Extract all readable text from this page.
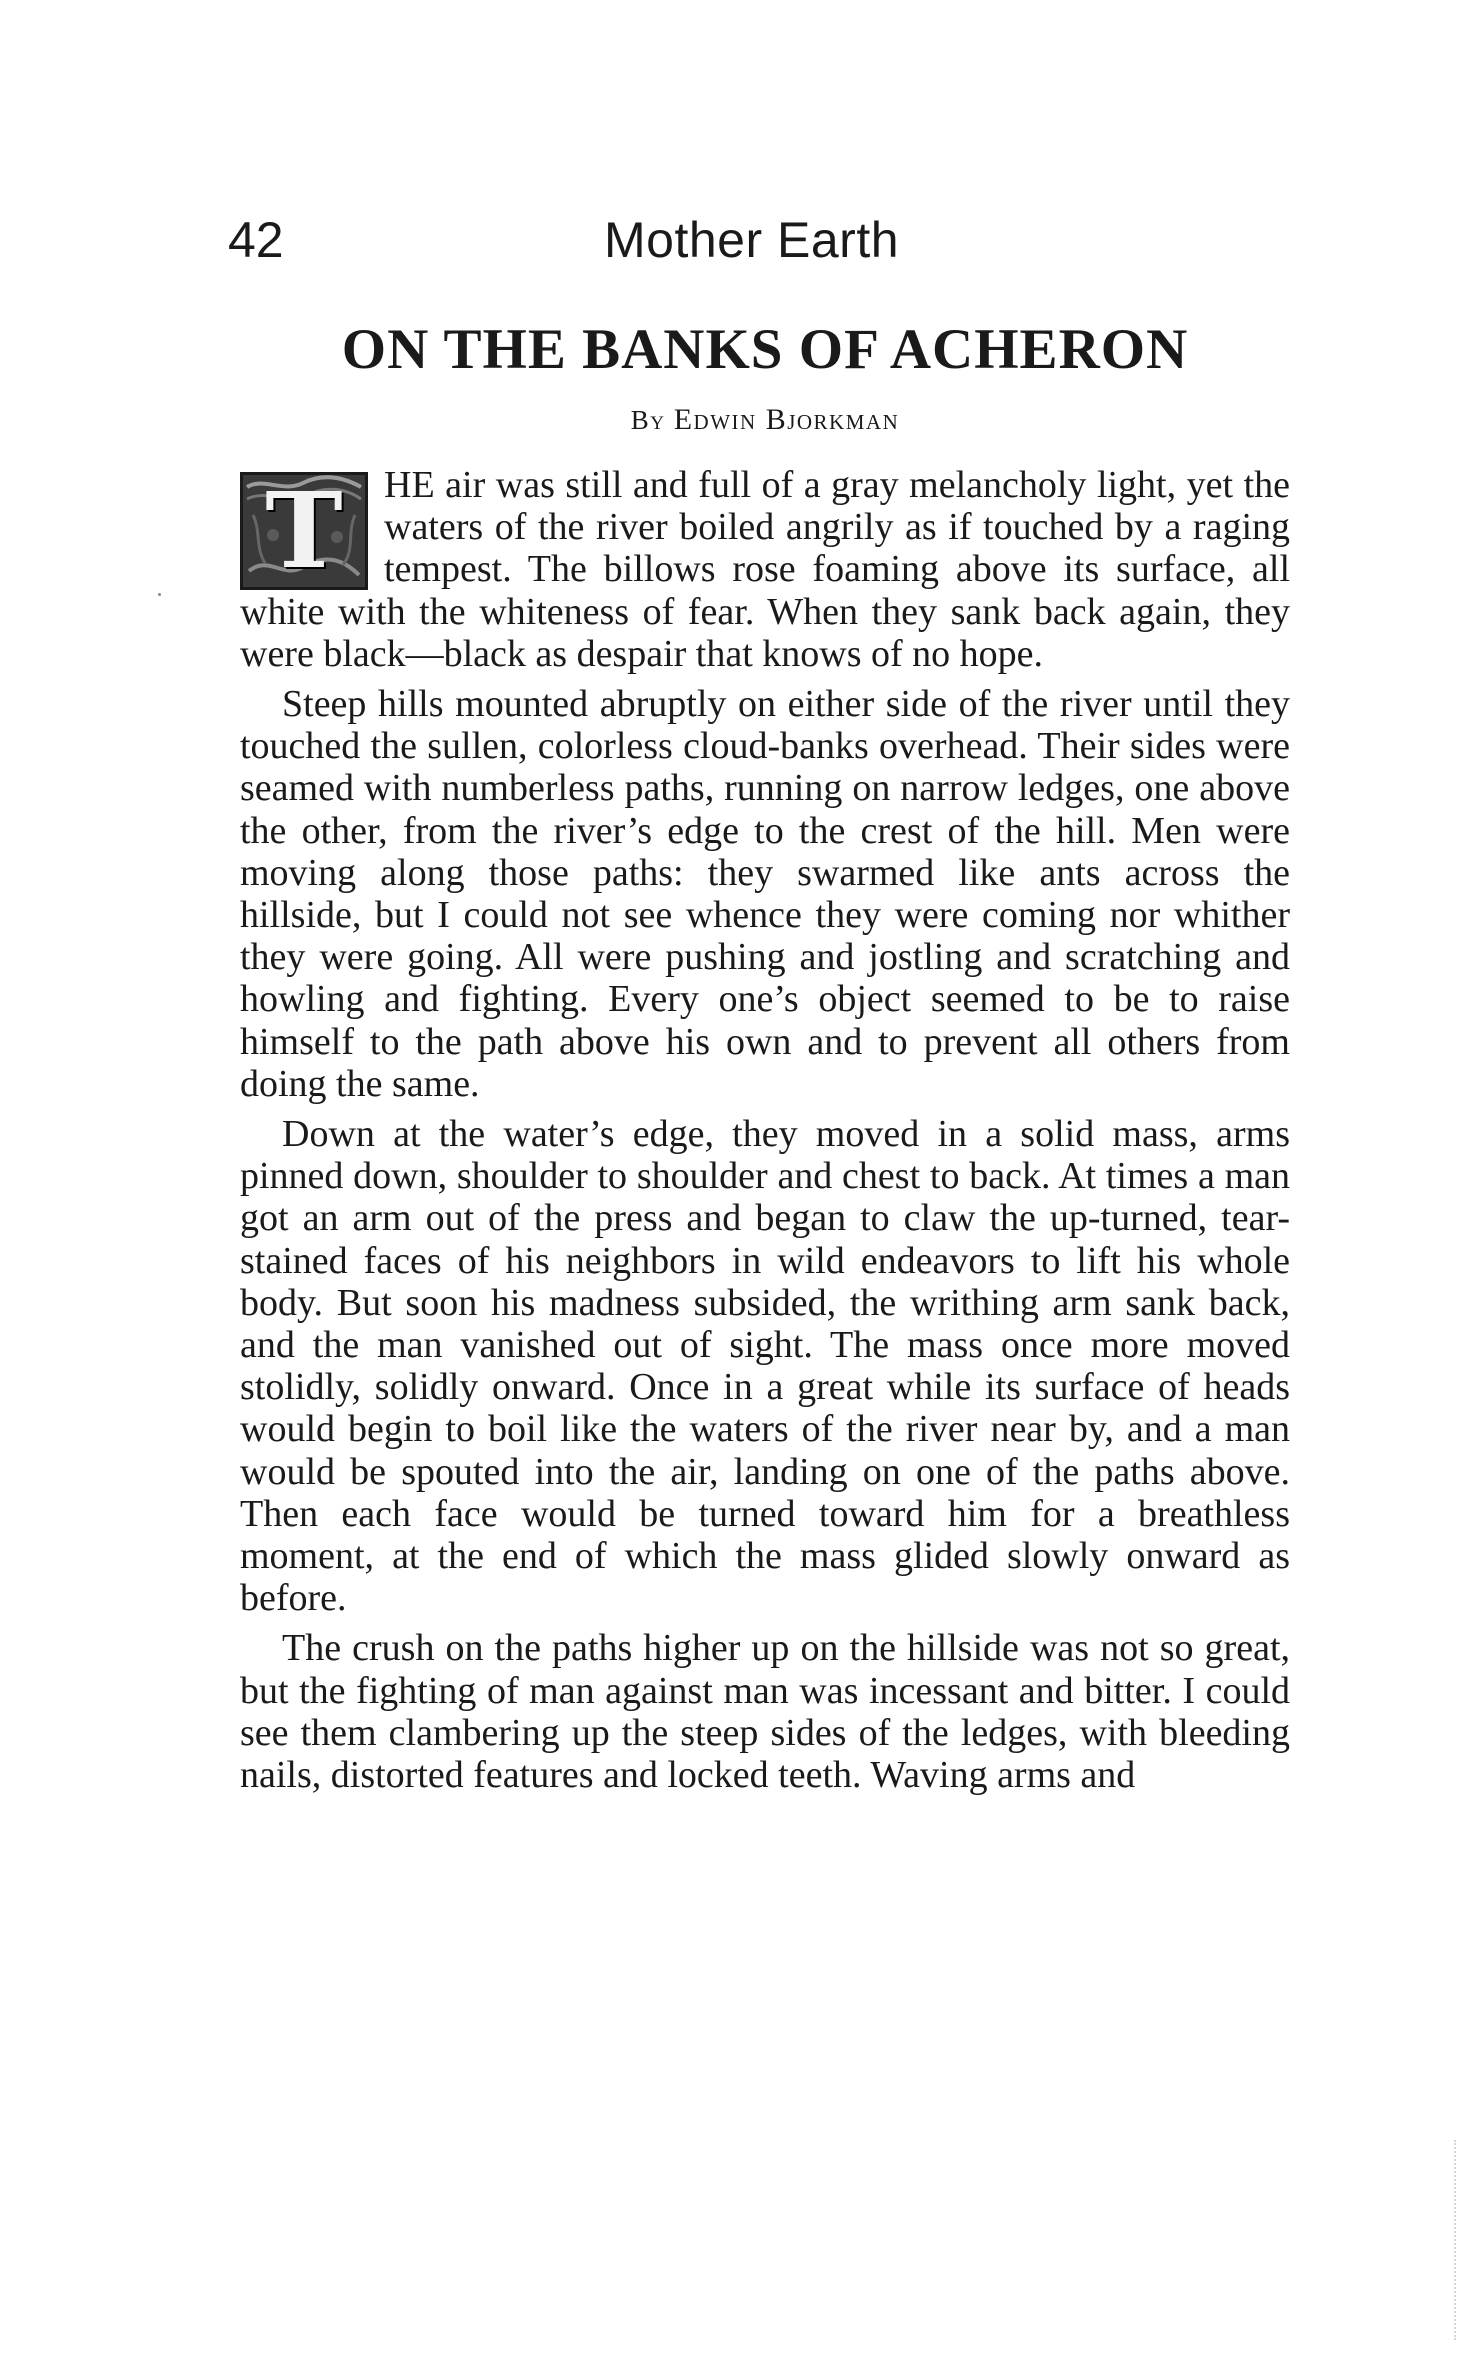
42	Mother Earth
ON THE BANKS OF ACHERON
By Edwin Bjorkman

T	HE air was still and full of a gray melancholy light, yet the waters of the river boiled angrily as if touched by a raging tempest. The billows rose foaming above its surface, all white with the whiteness of fear. When they sank back again, they were black—black as despair that knows of no hope.

Steep hills mounted abruptly on either side of the river until they touched the sullen, colorless cloud-banks overhead. Their sides were seamed with numberless paths, running on narrow ledges, one above the other, from the river’s edge to the crest of the hill. Men were moving along those paths: they swarmed like ants across the hillside, but I could not see whence they were coming nor whither they were going. All were pushing and jostling and scratching and howling and fighting. Every one’s object seemed to be to raise himself to the path above his own and to prevent all others from doing the same.

Down at the water’s edge, they moved in a solid mass, arms pinned down, shoulder to shoulder and chest to back. At times a man got an arm out of the press and began to claw the up-turned, tear-stained faces of his neighbors in wild endeavors to lift his whole body. But soon his madness subsided, the writhing arm sank back, and the man vanished out of sight. The mass once more moved stolidly, solidly onward. Once in a great while its surface of heads would begin to boil like the waters of the river near by, and a man would be spouted into the air, landing on one of the paths above. Then each face would be turned toward him for a breathless moment, at the end of which the mass glided slowly onward as before.

The crush on the paths higher up on the hillside was not so great, but the fighting of man against man was incessant and bitter. I could see them clambering up the steep sides of the ledges, with bleeding nails, distorted features and locked teeth. Waving arms and
